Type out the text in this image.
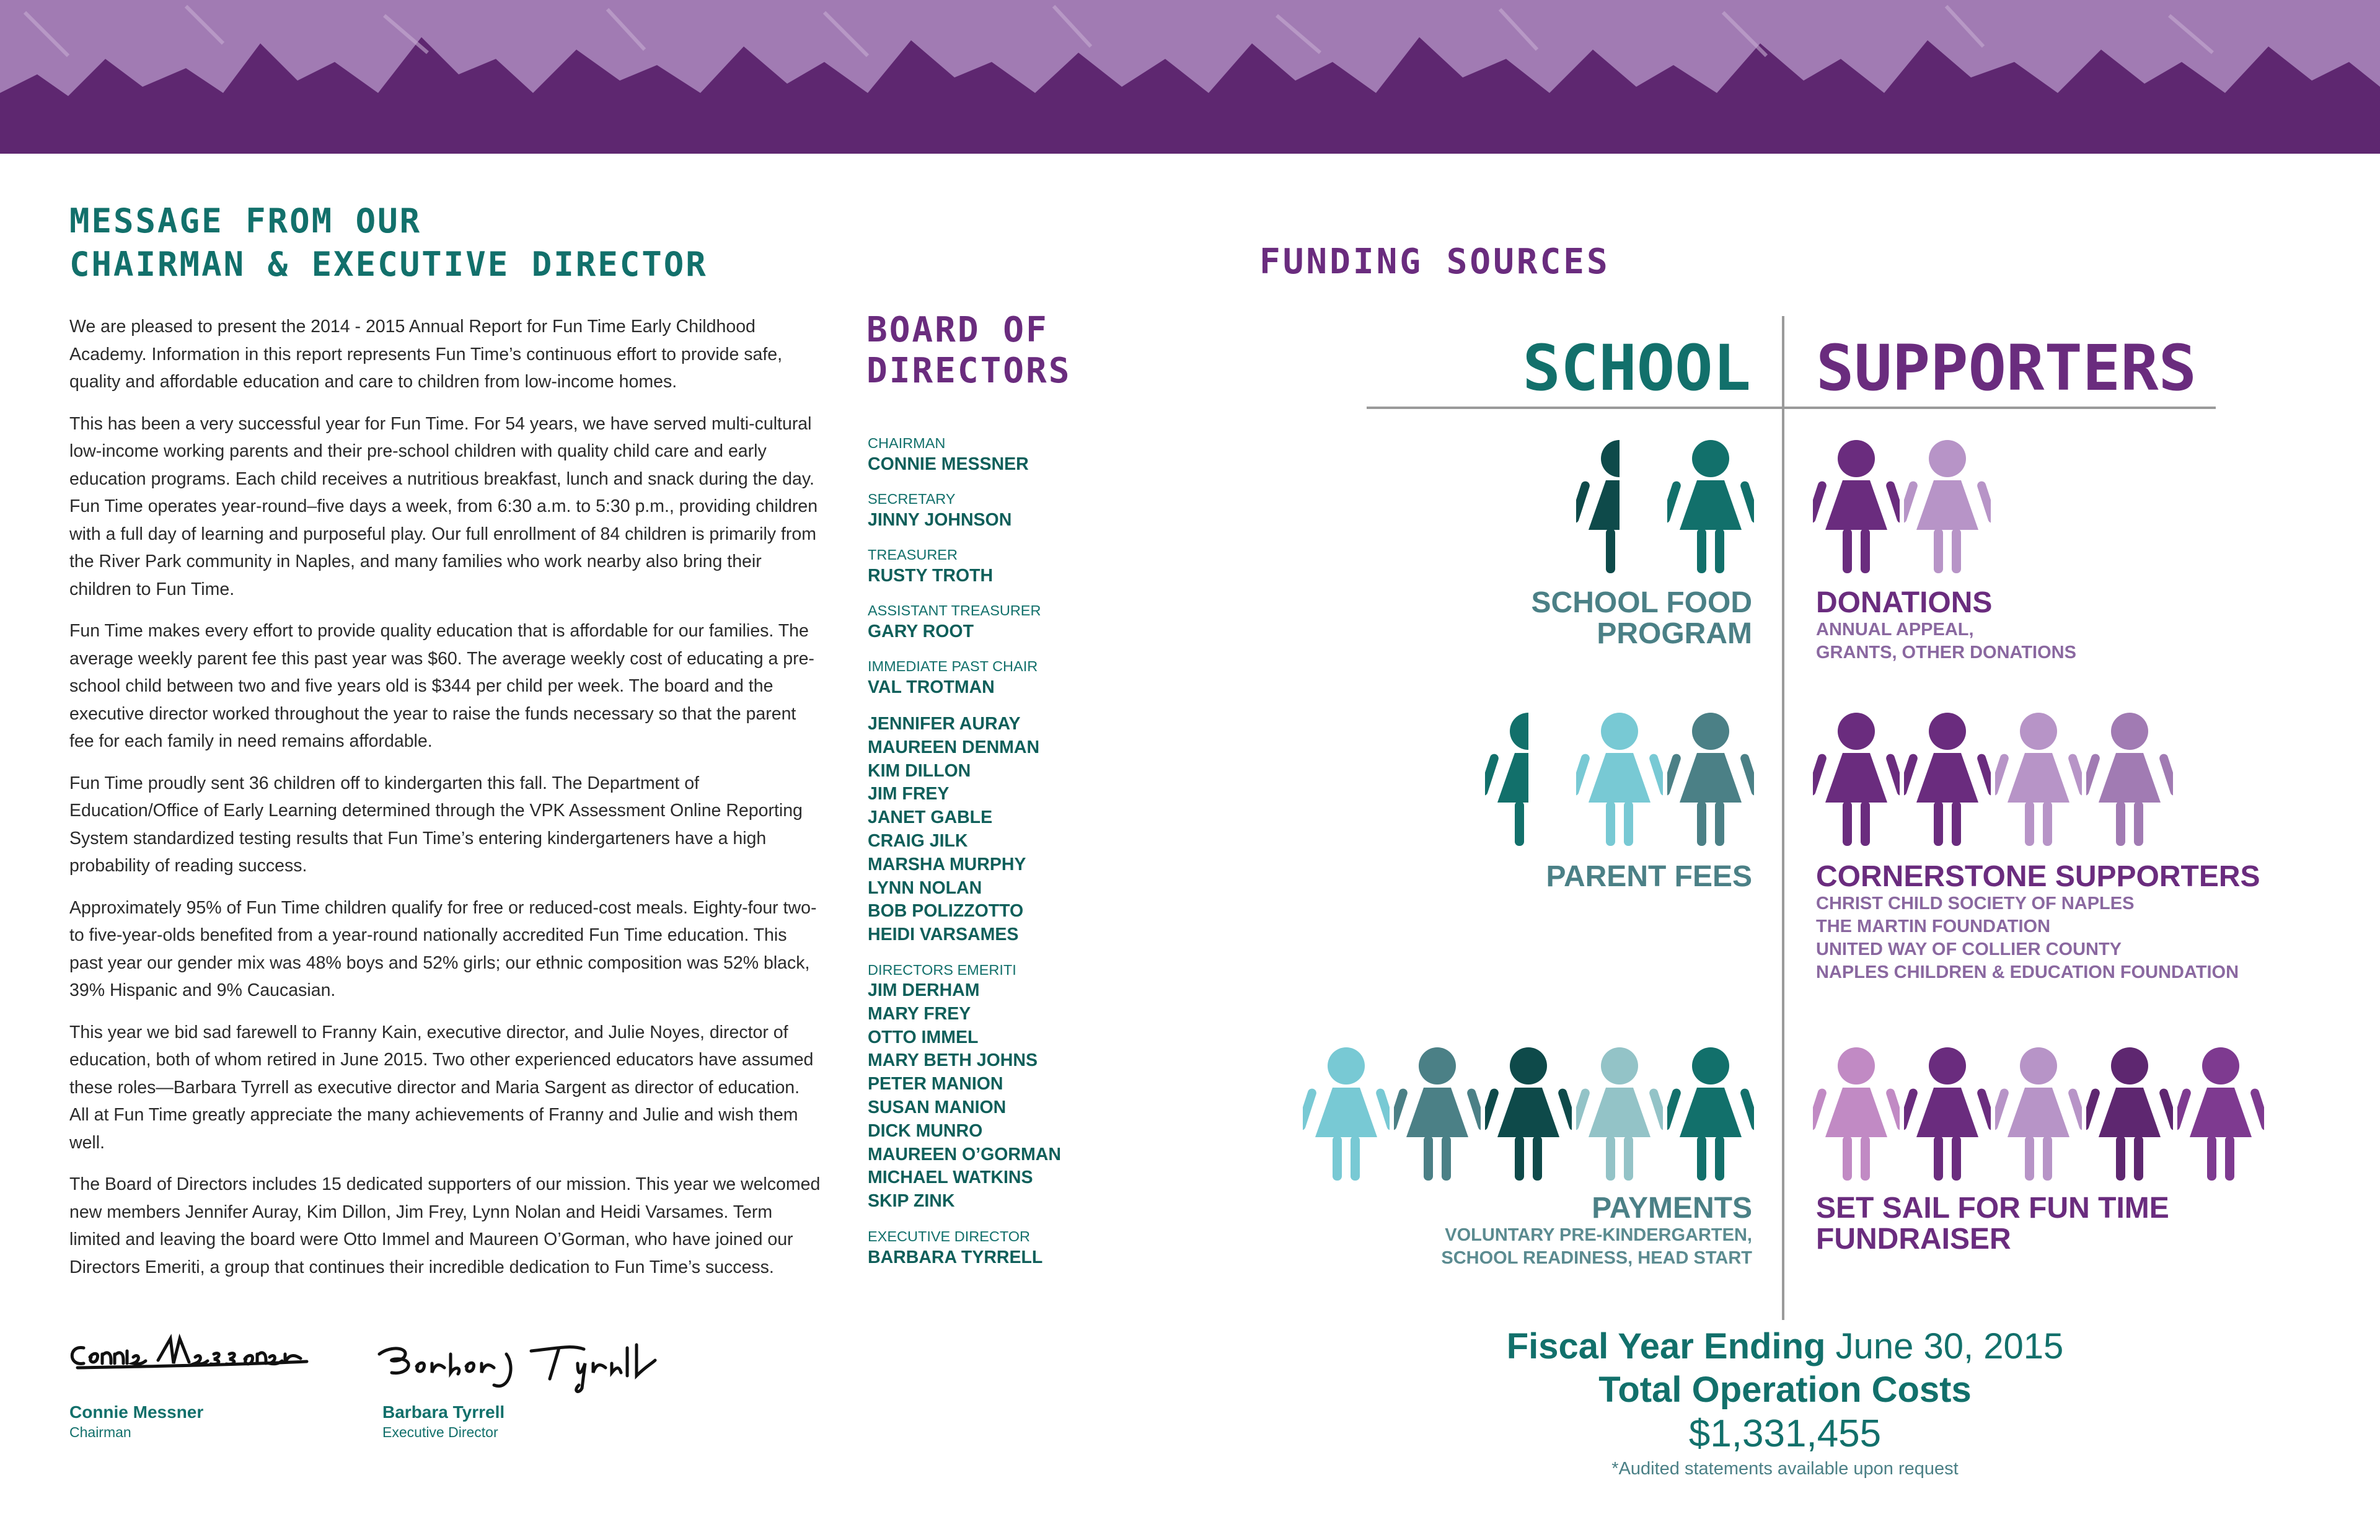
MESSAGE FROM OUR
CHAIRMAN & EXECUTIVE DIRECTOR

We are pleased to present the 2014 - 2015 Annual Report for Fun Time Early Childhood Academy. Information in this report represents Fun Time’s continuous effort to provide safe, quality and affordable education and care to children from low-income homes.

This has been a very successful year for Fun Time. For 54 years, we have served multi-cultural low-income working parents and their pre-school children with quality child care and early education programs. Each child receives a nutritious breakfast, lunch and snack during the day. Fun Time operates year-round–five days a week, from 6:30 a.m. to 5:30 p.m., providing children with a full day of learning and purposeful play. Our full enrollment of 84 children is primarily from the River Park community in Naples, and many families who work nearby also bring their children to Fun Time.

Fun Time makes every effort to provide quality education that is affordable for our families. The average weekly parent fee this past year was $60. The average weekly cost of educating a pre-school child between two and five years old is $344 per child per week. The board and the executive director worked throughout the year to raise the funds necessary so that the parent fee for each family in need remains affordable.

Fun Time proudly sent 36 children off to kindergarten this fall. The Department of Education/Office of Early Learning determined through the VPK Assessment Online Reporting System standardized testing results that Fun Time’s entering kindergarteners have a high probability of reading success.

Approximately 95% of Fun Time children qualify for free or reduced-cost meals. Eighty-four two- to five-year-olds benefited from a year-round nationally accredited Fun Time education. This past year our gender mix was 48% boys and 52% girls; our ethnic composition was 52% black, 39% Hispanic and 9% Caucasian.

This year we bid sad farewell to Franny Kain, executive director, and Julie Noyes, director of education, both of whom retired in June 2015. Two other experienced educators have assumed these roles—Barbara Tyrrell as executive director and Maria Sargent as director of education. All at Fun Time greatly appreciate the many achievements of Franny and Julie and wish them well.

The Board of Directors includes 15 dedicated supporters of our mission. This year we welcomed new members Jennifer Auray, Kim Dillon, Jim Frey, Lynn Nolan and Heidi Varsames. Term limited and leaving the board were Otto Immel and Maureen O’Gorman, who have joined our Directors Emeriti, a group that continues their incredible dedication to Fun Time’s success.

Connie Messner
Chairman
Barbara Tyrrell
Executive Director
BOARD OF
DIRECTORS
CHAIRMAN
CONNIE MESSNER
SECRETARY
JINNY JOHNSON
TREASURER
RUSTY TROTH
ASSISTANT TREASURER
GARY ROOT
IMMEDIATE PAST CHAIR
VAL TROTMAN
JENNIFER AURAY
MAUREEN DENMAN
KIM DILLON
JIM FREY
JANET GABLE
CRAIG JILK
MARSHA MURPHY
LYNN NOLAN
BOB POLIZZOTTO
HEIDI VARSAMES
DIRECTORS EMERITI
JIM DERHAM
MARY FREY
OTTO IMMEL
MARY BETH JOHNS
PETER MANION
SUSAN MANION
DICK MUNRO
MAUREEN O’GORMAN
MICHAEL WATKINS
SKIP ZINK
EXECUTIVE DIRECTOR
BARBARA TYRRELL
FUNDING SOURCES
SCHOOL SUPPORTERS
SCHOOL FOOD
PROGRAM
DONATIONS
ANNUAL APPEAL,
GRANTS, OTHER DONATIONS
PARENT FEES CORNERSTONE SUPPORTERS
CHRIST CHILD SOCIETY OF NAPLES
THE MARTIN FOUNDATION
UNITED WAY OF COLLIER COUNTY
NAPLES CHILDREN & EDUCATION FOUNDATION
PAYMENTS
VOLUNTARY PRE-KINDERGARTEN,
SCHOOL READINESS, HEAD START
SET SAIL FOR FUN TIME
FUNDRAISER
Fiscal Year Ending June 30, 2015
Total Operation Costs
$1,331,455
*Audited statements available upon request
